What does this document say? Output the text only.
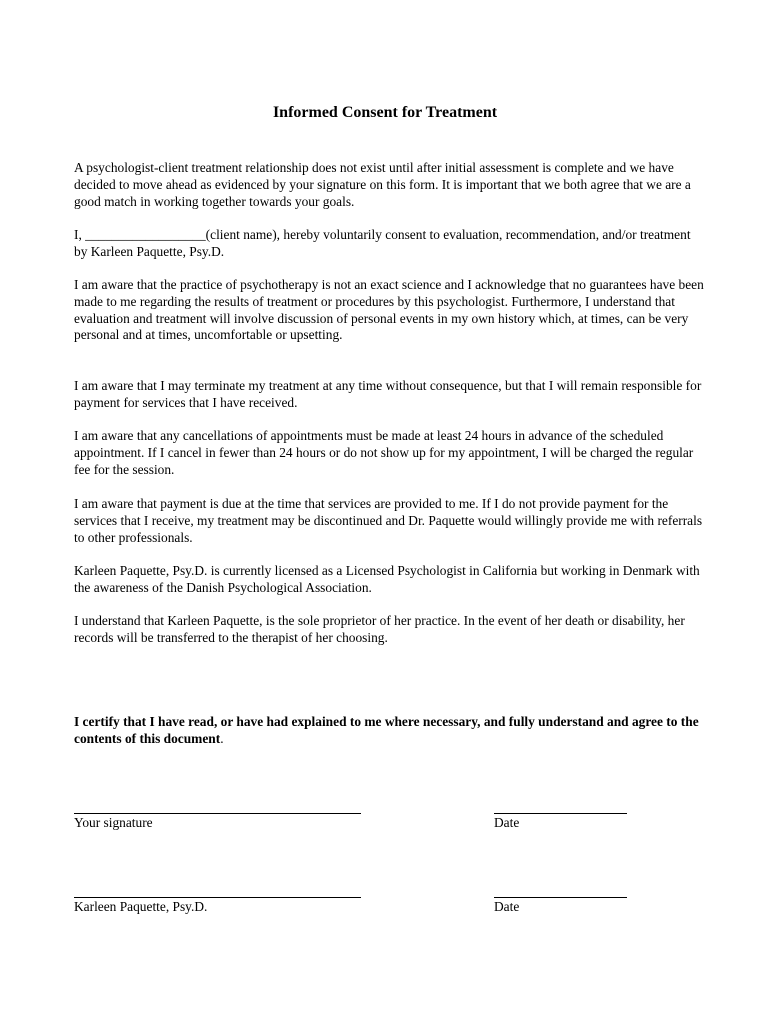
Informed Consent for Treatment

A psychologist-client treatment relationship does not exist until after initial assessment is complete and we have decided to move ahead as evidenced by your signature on this form. It is important that we both agree that we are a good match in working together towards your goals.

I, __________________(client name), hereby voluntarily consent to evaluation, recommendation, and/or treatment by Karleen Paquette, Psy.D.

I am aware that the practice of psychotherapy is not an exact science and I acknowledge that no guarantees have been made to me regarding the results of treatment or procedures by this psychologist. Furthermore, I understand that evaluation and treatment will involve discussion of personal events in my own history which, at times, can be very personal and at times, uncomfortable or upsetting.

I am aware that I may terminate my treatment at any time without consequence, but that I will remain responsible for payment for services that I have received.

I am aware that any cancellations of appointments must be made at least 24 hours in advance of the scheduled appointment. If I cancel in fewer than 24 hours or do not show up for my appointment, I will be charged the regular fee for the session.

I am aware that payment is due at the time that services are provided to me. If I do not provide payment for the services that I receive, my treatment may be discontinued and Dr. Paquette would willingly provide me with referrals to other professionals.

Karleen Paquette, Psy.D. is currently licensed as a Licensed Psychologist in California but working in Denmark with the awareness of the Danish Psychological Association.

I understand that Karleen Paquette, is the sole proprietor of her practice. In the event of her death or disability, her records will be transferred to the therapist of her choosing.

I certify that I have read, or have had explained to me where necessary, and fully understand and agree to the contents of this document.

Your signature	Date
Karleen Paquette, Psy.D.	Date
